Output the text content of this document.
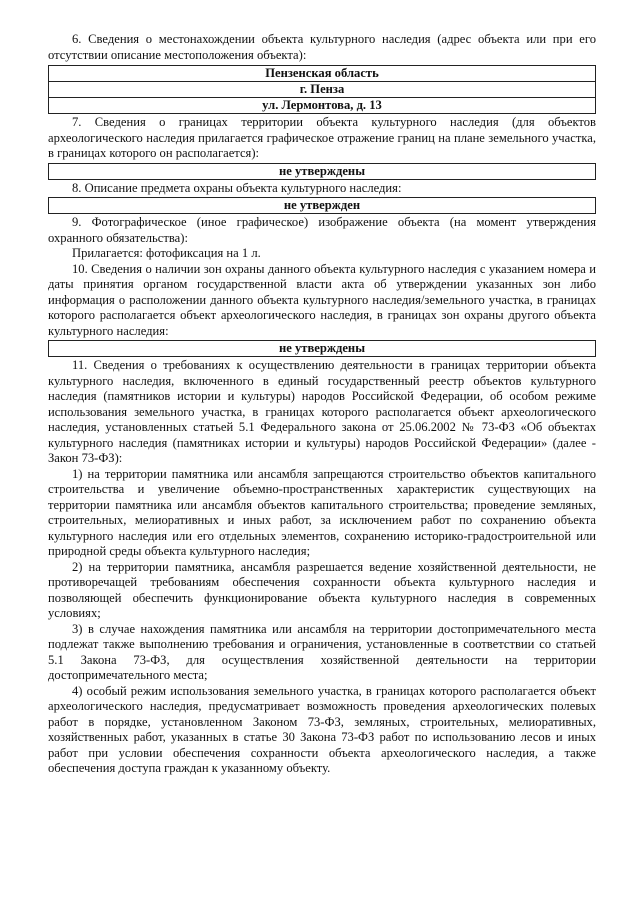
6. Сведения о местонахождении объекта культурного наследия (адрес объекта или при его отсутствии описание местоположения объекта):

Пензенская область
г. Пенза
ул. Лермонтова, д. 13

7. Сведения о границах территории объекта культурного наследия (для объектов археологического наследия прилагается графическое отражение границ на плане земельного участка, в границах которого он располагается):

не утверждены

8. Описание предмета охраны объекта культурного наследия:

не утвержден

9. Фотографическое (иное графическое) изображение объекта (на момент утверждения охранного обязательства):

Прилагается: фотофиксация на 1 л.

10. Сведения о наличии зон охраны данного объекта культурного наследия с указанием номера и даты принятия органом государственной власти акта об утверждении указанных зон либо информация о расположении данного объекта культурного наследия/земельного участка, в границах которого располагается объект археологического наследия, в границах зон охраны другого объекта культурного наследия:

не утверждены

11. Сведения о требованиях к осуществлению деятельности в границах территории объекта культурного наследия, включенного в единый государственный реестр объектов культурного наследия (памятников истории и культуры) народов Российской Федерации, об особом режиме использования земельного участка, в границах которого располагается объект археологического наследия, установленных статьей 5.1 Федерального закона от 25.06.2002 № 73-ФЗ «Об объектах культурного наследия (памятниках истории и культуры) народов Российской Федерации» (далее - Закон 73-ФЗ):

1) на территории памятника или ансамбля запрещаются строительство объектов капитального строительства и увеличение объемно-пространственных характеристик существующих на территории памятника или ансамбля объектов капитального строительства; проведение земляных, строительных, мелиоративных и иных работ, за исключением работ по сохранению объекта культурного наследия или его отдельных элементов, сохранению историко-градостроительной или природной среды объекта культурного наследия;

2) на территории памятника, ансамбля разрешается ведение хозяйственной деятельности, не противоречащей требованиям обеспечения сохранности объекта культурного наследия и позволяющей обеспечить функционирование объекта культурного наследия в современных условиях;

3) в случае нахождения памятника или ансамбля на территории достопримечательного места подлежат также выполнению требования и ограничения, установленные в соответствии со статьей 5.1 Закона 73-ФЗ, для осуществления хозяйственной деятельности на территории достопримечательного места;

4) особый режим использования земельного участка, в границах которого располагается объект археологического наследия, предусматривает возможность проведения археологических полевых работ в порядке, установленном Законом 73-ФЗ, земляных, строительных, мелиоративных, хозяйственных работ, указанных в статье 30 Закона 73-ФЗ работ по использованию лесов и иных работ при условии обеспечения сохранности объекта археологического наследия, а также обеспечения доступа граждан к указанному объекту.
